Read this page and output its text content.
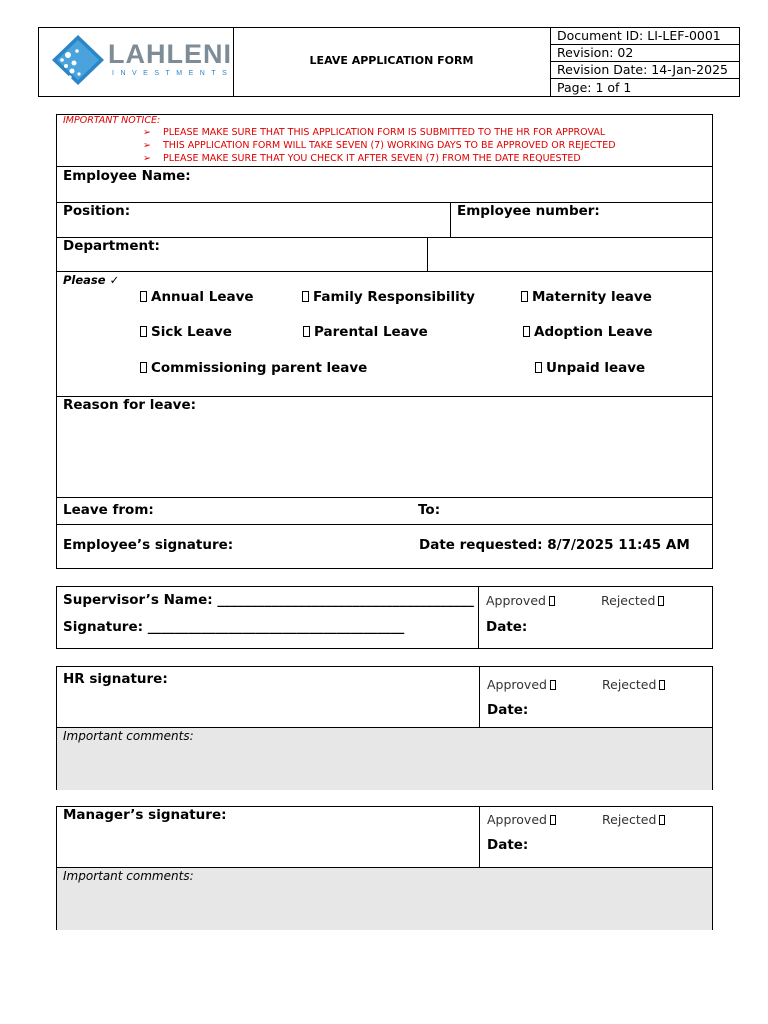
LAHLENI
INVESTMENTS
LEAVE APPLICATION FORM
Document ID: LI-LEF-0001
Revision: 02
Revision Date: 14-Jan-2025
Page: 1 of 1
IMPORTANT NOTICE:
➢ PLEASE MAKE SURE THAT THIS APPLICATION FORM IS SUBMITTED TO THE HR FOR APPROVAL
➢ THIS APPLICATION FORM WILL TAKE SEVEN (7) WORKING DAYS TO BE APPROVED OR REJECTED
➢ PLEASE MAKE SURE THAT YOU CHECK IT AFTER SEVEN (7) FROM THE DATE REQUESTED
Employee Name:
Position:	Employee number:
Department:
Please ✓
Annual Leave	Family Responsibility	Maternity leave
Sick Leave	Parental Leave	Adoption Leave
Commissioning parent leave	Unpaid leave
Reason for leave:
Leave from:	To:
Employee’s signature:	Date requested: 8/7/2025 11:45 AM
Supervisor’s Name: ______________________________________
Signature: ______________________________________
Approved	Rejected
Date:
HR signature:	Approved	Rejected
Date:
Important comments:
Manager’s signature:	Approved	Rejected
Date:
Important comments:
